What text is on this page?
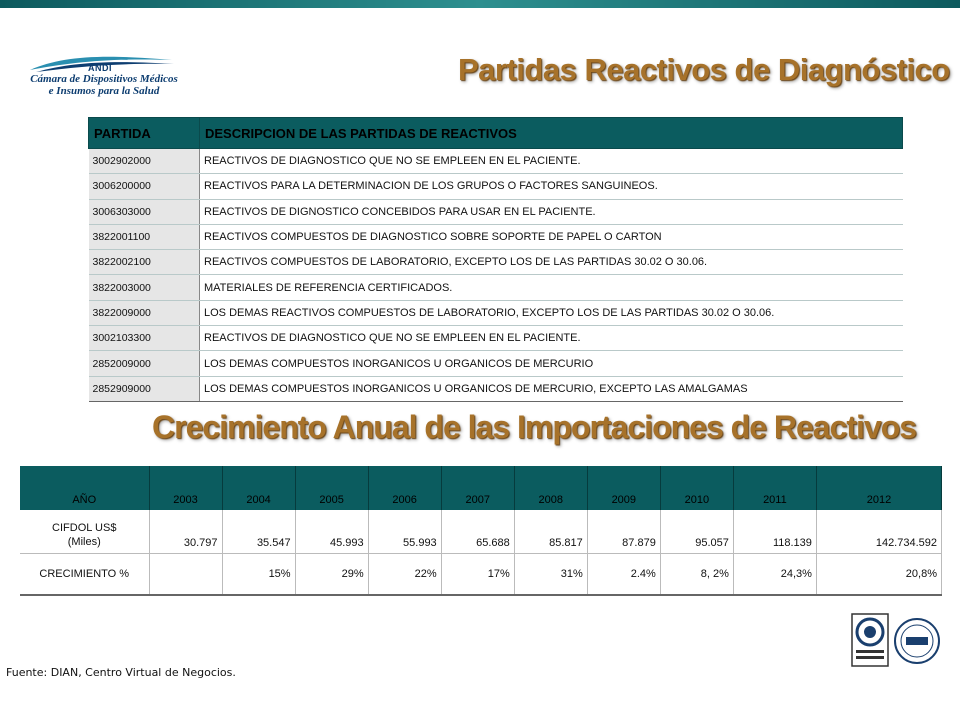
ANDI
Cámara de Dispositivos Médicos
e Insumos para la Salud
Partidas Reactivos de Diagnóstico
PARTIDA	DESCRIPCION DE LAS PARTIDAS DE REACTIVOS
3002902000	REACTIVOS DE DIAGNOSTICO QUE NO SE EMPLEEN EN EL PACIENTE.
3006200000	REACTIVOS PARA LA DETERMINACION DE LOS GRUPOS O FACTORES SANGUINEOS.
3006303000	REACTIVOS DE DIGNOSTICO CONCEBIDOS PARA USAR EN EL PACIENTE.
3822001100	REACTIVOS COMPUESTOS DE DIAGNOSTICO SOBRE SOPORTE DE PAPEL O CARTON
3822002100	REACTIVOS COMPUESTOS DE LABORATORIO, EXCEPTO LOS DE LAS PARTIDAS 30.02 O 30.06.
3822003000	MATERIALES DE REFERENCIA CERTIFICADOS.
3822009000	LOS DEMAS REACTIVOS COMPUESTOS DE LABORATORIO, EXCEPTO LOS DE LAS PARTIDAS 30.02 O 30.06.
3002103300	REACTIVOS DE DIAGNOSTICO QUE NO SE EMPLEEN EN EL PACIENTE.
2852009000	LOS DEMAS COMPUESTOS INORGANICOS U ORGANICOS DE MERCURIO
2852909000	LOS DEMAS COMPUESTOS INORGANICOS U ORGANICOS DE MERCURIO, EXCEPTO LAS AMALGAMAS
Crecimiento Anual de las Importaciones de Reactivos
AÑO	2003	2004	2005	2006	2007	2008	2009	2010	2011	2012

CIFDOL US$
(Miles)	30.797	35.547	45.993	55.993	65.688	85.817	87.879	95.057	118.139	142.734.592
CRECIMIENTO %		15%	29%	22%	17%	31%	2.4%	8, 2%	24,3%	20,8%
Fuente: DIAN, Centro Virtual de Negocios.
